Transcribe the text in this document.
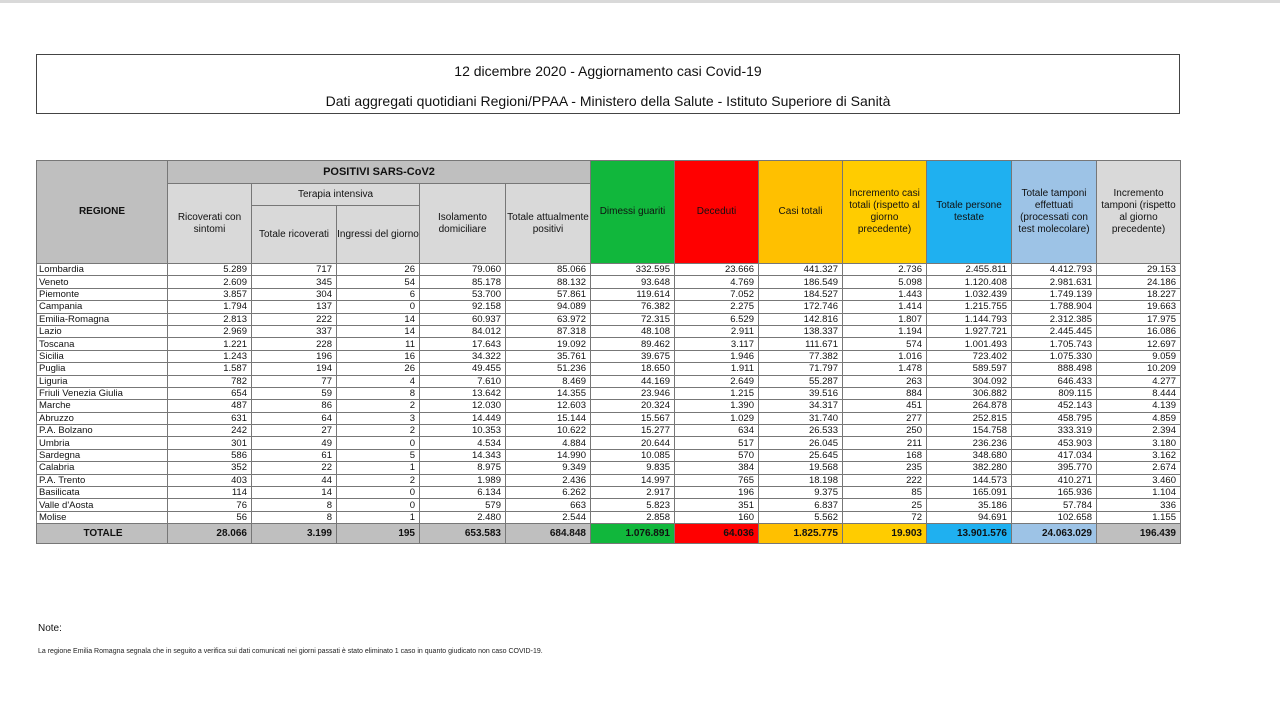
12 dicembre 2020 - Aggiornamento casi Covid-19
Dati aggregati quotidiani Regioni/PPAA - Ministero della Salute - Istituto Superiore di Sanità
REGIONE	POSITIVI SARS-CoV2					Dimessi guariti	Deceduti	Casi totali	Incremento casi totali (rispetto al giorno precedente)	Totale persone testate	Totale tamponi effettuati (processati con test molecolare)	Incremento tamponi (rispetto al giorno precedente)
	Ricoverati con sintomi	Terapia intensiva		Isolamento domiciliare	Totale attualmente positivi							
		Totale ricoverati	Ingressi del giorno									
Lombardia	5.289	717	26	79.060	85.066	332.595	23.666	441.327	2.736	2.455.811	4.412.793	29.153
Veneto	2.609	345	54	85.178	88.132	93.648	4.769	186.549	5.098	1.120.408	2.981.631	24.186
Piemonte	3.857	304	6	53.700	57.861	119.614	7.052	184.527	1.443	1.032.439	1.749.139	18.227
Campania	1.794	137	0	92.158	94.089	76.382	2.275	172.746	1.414	1.215.755	1.788.904	19.663
Emilia-Romagna	2.813	222	14	60.937	63.972	72.315	6.529	142.816	1.807	1.144.793	2.312.385	17.975
Lazio	2.969	337	14	84.012	87.318	48.108	2.911	138.337	1.194	1.927.721	2.445.445	16.086
Toscana	1.221	228	11	17.643	19.092	89.462	3.117	111.671	574	1.001.493	1.705.743	12.697
Sicilia	1.243	196	16	34.322	35.761	39.675	1.946	77.382	1.016	723.402	1.075.330	9.059
Puglia	1.587	194	26	49.455	51.236	18.650	1.911	71.797	1.478	589.597	888.498	10.209
Liguria	782	77	4	7.610	8.469	44.169	2.649	55.287	263	304.092	646.433	4.277
Friuli Venezia Giulia	654	59	8	13.642	14.355	23.946	1.215	39.516	884	306.882	809.115	8.444
Marche	487	86	2	12.030	12.603	20.324	1.390	34.317	451	264.878	452.143	4.139
Abruzzo	631	64	3	14.449	15.144	15.567	1.029	31.740	277	252.815	458.795	4.859
P.A. Bolzano	242	27	2	10.353	10.622	15.277	634	26.533	250	154.758	333.319	2.394
Umbria	301	49	0	4.534	4.884	20.644	517	26.045	211	236.236	453.903	3.180
Sardegna	586	61	5	14.343	14.990	10.085	570	25.645	168	348.680	417.034	3.162
Calabria	352	22	1	8.975	9.349	9.835	384	19.568	235	382.280	395.770	2.674
P.A. Trento	403	44	2	1.989	2.436	14.997	765	18.198	222	144.573	410.271	3.460
Basilicata	114	14	0	6.134	6.262	2.917	196	9.375	85	165.091	165.936	1.104
Valle d'Aosta	76	8	0	579	663	5.823	351	6.837	25	35.186	57.784	336
Molise	56	8	1	2.480	2.544	2.858	160	5.562	72	94.691	102.658	1.155
TOTALE	28.066	3.199	195	653.583	684.848	1.076.891	64.036	1.825.775	19.903	13.901.576	24.063.029	196.439
Note:
La regione Emilia Romagna segnala che in seguito a verifica sui dati comunicati nei giorni passati è stato eliminato 1 caso in quanto giudicato non caso COVID-19.
